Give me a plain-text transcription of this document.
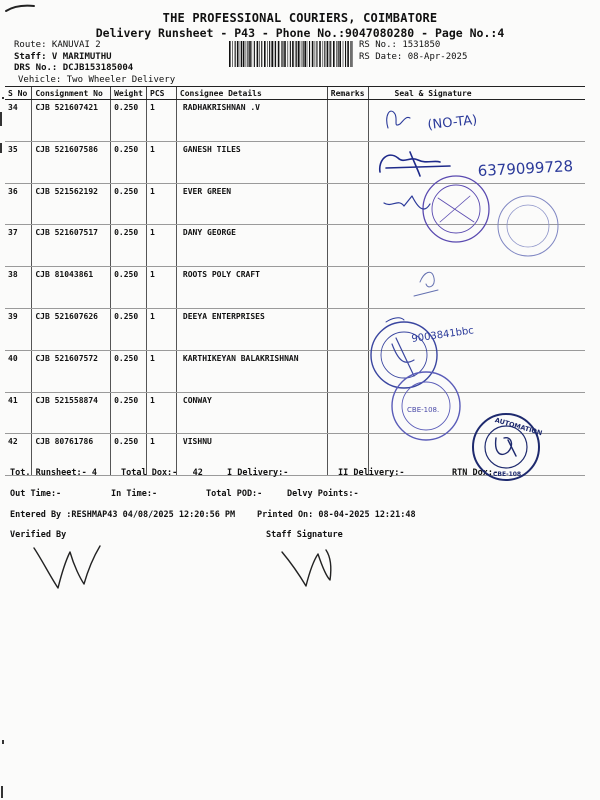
THE PROFESSIONAL COURIERS, COIMBATORE
Delivery Runsheet - P43 - Phone No.:9047080280 - Page No.:4
Route: KANUVAI 2
Staff: V MARIMUTHU
DRS No.: DCJB153185004
Vehicle: Two Wheeler Delivery
RS No.: 1531850
RS Date: 08-Apr-2025
S No	Consignment No	Weight	PCS	Consignee Details	Remarks	Seal & Signature
34	CJB 521607421	0.250	1	RADHAKRISHNAN .V		
35	CJB 521607586	0.250	1	GANESH TILES		
36	CJB 521562192	0.250	1	EVER GREEN		
37	CJB 521607517	0.250	1	DANY GEORGE		
38	CJB 81043861	0.250	1	ROOTS POLY CRAFT		
39	CJB 521607626	0.250	1	DEEYA ENTERPRISES		
40	CJB 521607572	0.250	1	KARTHIKEYAN BALAKRISHNAN		
41	CJB 521558874	0.250	1	CONWAY		
42	CJB 80761786	0.250	1	VISHNU		
Tot. Runsheet:- 4	Total Dox:-   42	I Delivery:-	II Delivery:-	RTN Dox:-
Out Time:-	In Time:-	Total POD:-	Delvy Points:-
Entered By :RESHMAP43 04/08/2025 12:20:56 PM	Printed On: 08-04-2025 12:21:48
Verified By	Staff Signature
(NO-TA)
6379099728
9003841bbc
CBE-108.
AUTOMATION
CBE-108
